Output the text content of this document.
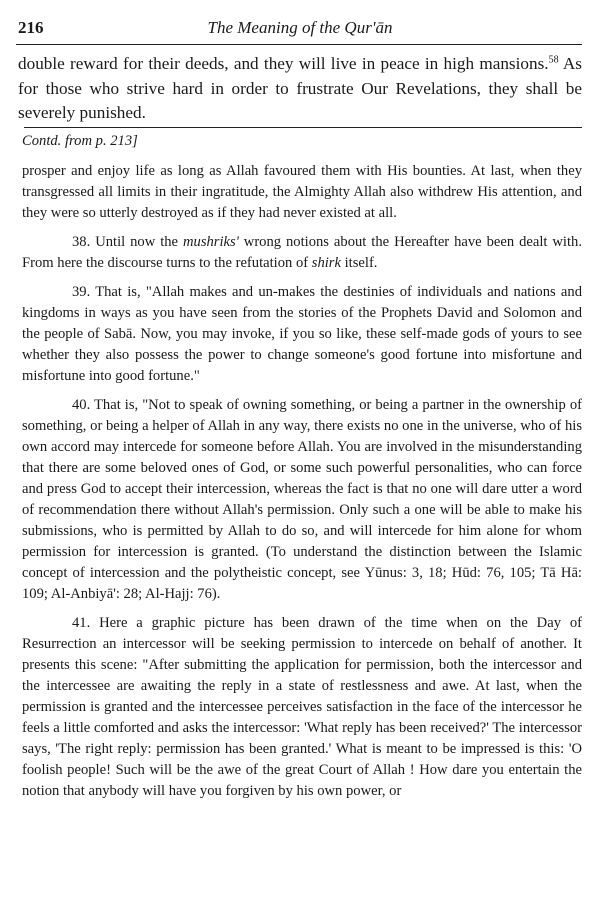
216	The Meaning of the Qur'ān

double reward for their deeds, and they will live in peace in high mansions.$^{58}$ As for those who strive hard in order to frustrate Our Revelations, they shall be severely punished.

Contd. from p. 213]

prosper and enjoy life as long as Allah favoured them with His bounties. At last, when they transgressed all limits in their ingratitude, the Almighty Allah also withdrew His attention, and they were so utterly destroyed as if they had never existed at all.

38. Until now the mushriks' wrong notions about the Hereafter have been dealt with. From here the discourse turns to the refutation of shirk itself.

39. That is, "Allah makes and un-makes the destinies of individuals and nations and kingdoms in ways as you have seen from the stories of the Prophets David and Solomon and the people of Sabā. Now, you may invoke, if you so like, these self-made gods of yours to see whether they also possess the power to change someone's good fortune into misfortune and misfortune into good fortune."

40. That is, "Not to speak of owning something, or being a partner in the ownership of something, or being a helper of Allah in any way, there exists no one in the universe, who of his own accord may intercede for someone before Allah. You are involved in the misunderstanding that there are some beloved ones of God, or some such powerful personalities, who can force and press God to accept their intercession, whereas the fact is that no one will dare utter a word of recommendation there without Allah's permission. Only such a one will be able to make his submissions, who is permitted by Allah to do so, and will intercede for him alone for whom permission for intercession is granted. (To understand the distinction between the Islamic concept of intercession and the polytheistic concept, see Yūnus: 3, 18; Hūd: 76, 105; Tā Hā: 109; Al-Anbiyā': 28; Al-Hajj: 76).

41. Here a graphic picture has been drawn of the time when on the Day of Resurrection an intercessor will be seeking permission to intercede on behalf of another. It presents this scene: "After submitting the application for permission, both the intercessor and the intercessee are awaiting the reply in a state of restlessness and awe. At last, when the permission is granted and the intercessee perceives satisfaction in the face of the intercessor he feels a little comforted and asks the intercessor: 'What reply has been received?' The intercessor says, 'The right reply: permission has been granted.' What is meant to be impressed is this: 'O foolish people! Such will be the awe of the great Court of Allah ! How dare you entertain the notion that anybody will have you forgiven by his own power, or
